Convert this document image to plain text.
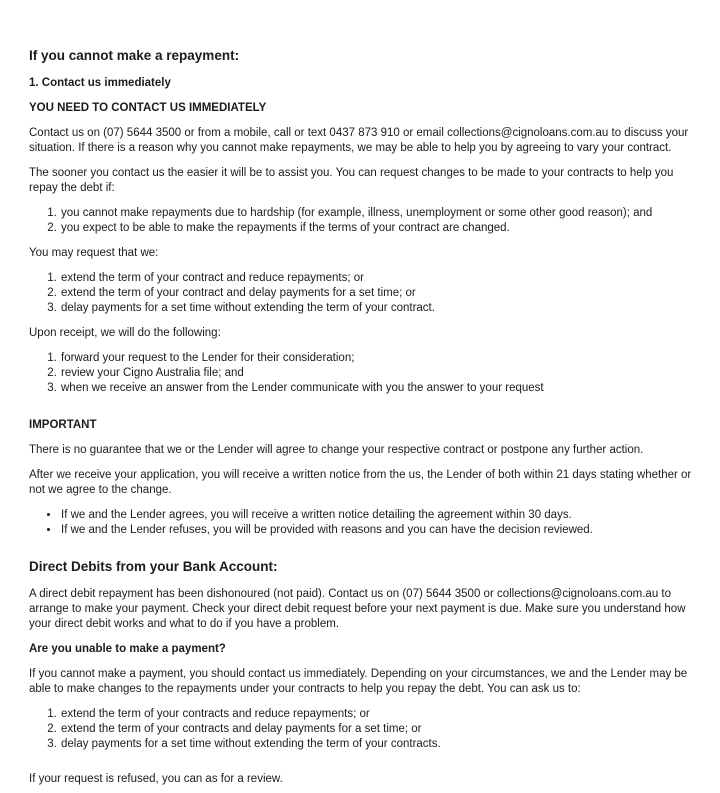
If you cannot make a repayment:

1. Contact us immediately

YOU NEED TO CONTACT US IMMEDIATELY

Contact us on (07) 5644 3500 or from a mobile, call or text 0437 873 910 or email collections@cignoloans.com.au to discuss your situation. If there is a reason why you cannot make repayments, we may be able to help you by agreeing to vary your contract.

The sooner you contact us the easier it will be to assist you. You can request changes to be made to your contracts to help you repay the debt if:

1. you cannot make repayments due to hardship (for example, illness, unemployment or some other good reason); and
2. you expect to be able to make the repayments if the terms of your contract are changed.

You may request that we:

1. extend the term of your contract and reduce repayments; or
2. extend the term of your contract and delay payments for a set time; or
3. delay payments for a set time without extending the term of your contract.

Upon receipt, we will do the following:

1. forward your request to the Lender for their consideration;
2. review your Cigno Australia file; and
3. when we receive an answer from the Lender communicate with you the answer to your request

IMPORTANT

There is no guarantee that we or the Lender will agree to change your respective contract or postpone any further action.

After we receive your application, you will receive a written notice from the us, the Lender of both within 21 days stating whether or not we agree to the change.

• If we and the Lender agrees, you will receive a written notice detailing the agreement within 30 days.
• If we and the Lender refuses, you will be provided with reasons and you can have the decision reviewed.
Direct Debits from your Bank Account:

A direct debit repayment has been dishonoured (not paid). Contact us on (07) 5644 3500 or collections@cignoloans.com.au to arrange to make your payment. Check your direct debit request before your next payment is due. Make sure you understand how your direct debit works and what to do if you have a problem.

Are you unable to make a payment?

If you cannot make a payment, you should contact us immediately. Depending on your circumstances, we and the Lender may be able to make changes to the repayments under your contracts to help you repay the debt. You can ask us to:

1. extend the term of your contracts and reduce repayments; or
2. extend the term of your contracts and delay payments for a set time; or
3. delay payments for a set time without extending the term of your contracts.

If your request is refused, you can as for a review.
